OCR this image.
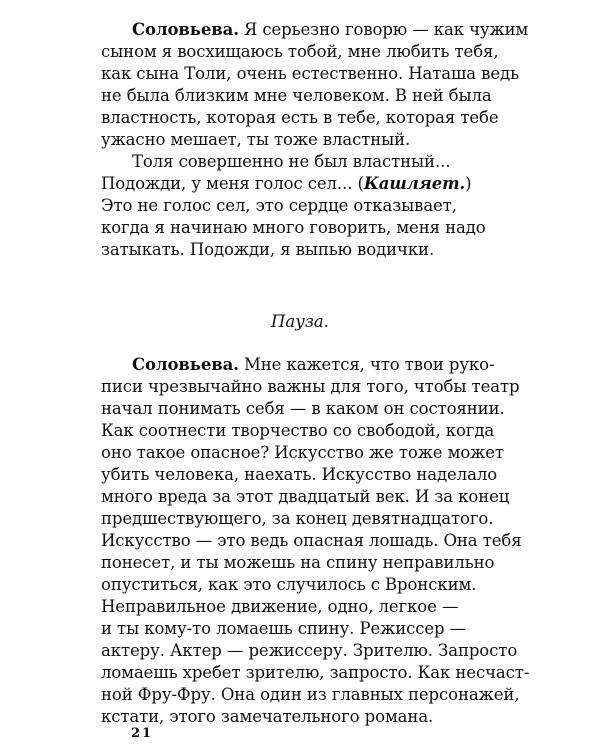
Соловьева. Я серьезно говорю — как чужим

сыном я восхищаюсь тобой, мне любить тебя,

как сына Толи, очень естественно. Наташа ведь

не была близким мне человеком. В ней была

властность, которая есть в тебе, которая тебе

ужасно мешает, ты тоже властный.

Толя совершенно не был властный...

Подожди, у меня голос сел... (Кашляет.)

Это не голос сел, это сердце отказывает,

когда я начинаю много говорить, меня надо

затыкать. Подожди, я выпью водички.

Пауза.

Соловьева. Мне кажется, что твои руко-

писи чрезвычайно важны для того, чтобы театр

начал понимать себя — в каком он состоянии.

Как соотнести творчество со свободой, когда

оно такое опасное? Искусство же тоже может

убить человека, наехать. Искусство наделало

много вреда за этот двадцатый век. И за конец

предшествующего, за конец девятнадцатого.

Искусство — это ведь опасная лошадь. Она тебя

понесет, и ты можешь на спину неправильно

опуститься, как это случилось с Вронским.

Неправильное движение, одно, легкое —

и ты кому-то ломаешь спину. Режиссер —

актеру. Актер — режиссеру. Зрителю. Запросто

ломаешь хребет зрителю, запросто. Как несчаст-

ной Фру-Фру. Она один из главных персонажей,

кстати, этого замечательного романа.

21
